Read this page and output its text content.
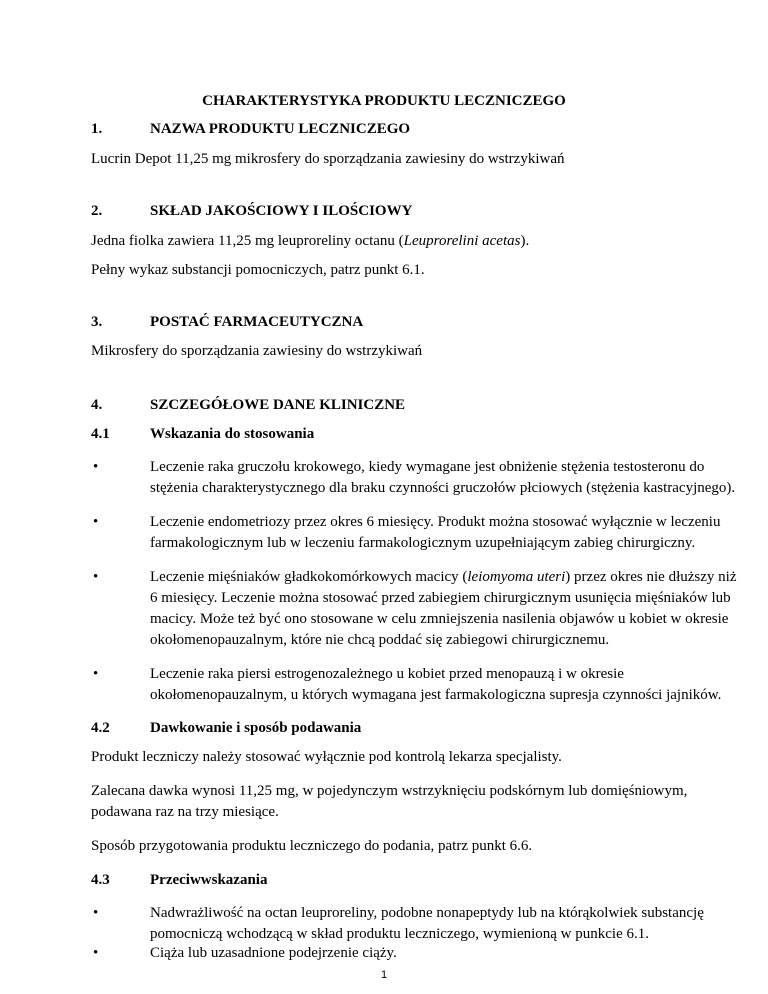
CHARAKTERYSTYKA PRODUKTU LECZNICZEGO
1.	NAZWA PRODUKTU LECZNICZEGO
Lucrin Depot 11,25 mg mikrosfery do sporządzania zawiesiny do wstrzykiwań
2.	SKŁAD JAKOŚCIOWY I ILOŚCIOWY
Jedna fiolka zawiera 11,25 mg leuproreliny octanu (Leuprorelini acetas).
Pełny wykaz substancji pomocniczych, patrz punkt 6.1.
3.	POSTAĆ FARMACEUTYCZNA
Mikrosfery do sporządzania zawiesiny do wstrzykiwań
4.	SZCZEGÓŁOWE DANE KLINICZNE
4.1	Wskazania do stosowania
•	Leczenie raka gruczołu krokowego, kiedy wymagane jest obniżenie stężenia testosteronu do
stężenia charakterystycznego dla braku czynności gruczołów płciowych (stężenia kastracyjnego).
•	Leczenie endometriozy przez okres 6 miesięcy. Produkt można stosować wyłącznie w leczeniu
farmakologicznym lub w leczeniu farmakologicznym uzupełniającym zabieg chirurgiczny.
•	Leczenie mięśniaków gładkokomórkowych macicy (leiomyoma uteri) przez okres nie dłuższy niż
6 miesięcy. Leczenie można stosować przed zabiegiem chirurgicznym usunięcia mięśniaków lub
macicy. Może też być ono stosowane w celu zmniejszenia nasilenia objawów u kobiet w okresie
okołomenopauzalnym, które nie chcą poddać się zabiegowi chirurgicznemu.
•	Leczenie raka piersi estrogenozależnego u kobiet przed menopauzą i w okresie
okołomenopauzalnym, u których wymagana jest farmakologiczna supresja czynności jajników.
4.2	Dawkowanie i sposób podawania
Produkt leczniczy należy stosować wyłącznie pod kontrolą lekarza specjalisty.
Zalecana dawka wynosi 11,25 mg, w pojedynczym wstrzyknięciu podskórnym lub domięśniowym,
podawana raz na trzy miesiące.
Sposób przygotowania produktu leczniczego do podania, patrz punkt 6.6.
4.3	Przeciwwskazania
•	Nadwrażliwość na octan leuproreliny, podobne nonapeptydy lub na którąkolwiek substancję
pomocniczą wchodzącą w skład produktu leczniczego, wymienioną w punkcie 6.1.
•	Ciąża lub uzasadnione podejrzenie ciąży.
1
